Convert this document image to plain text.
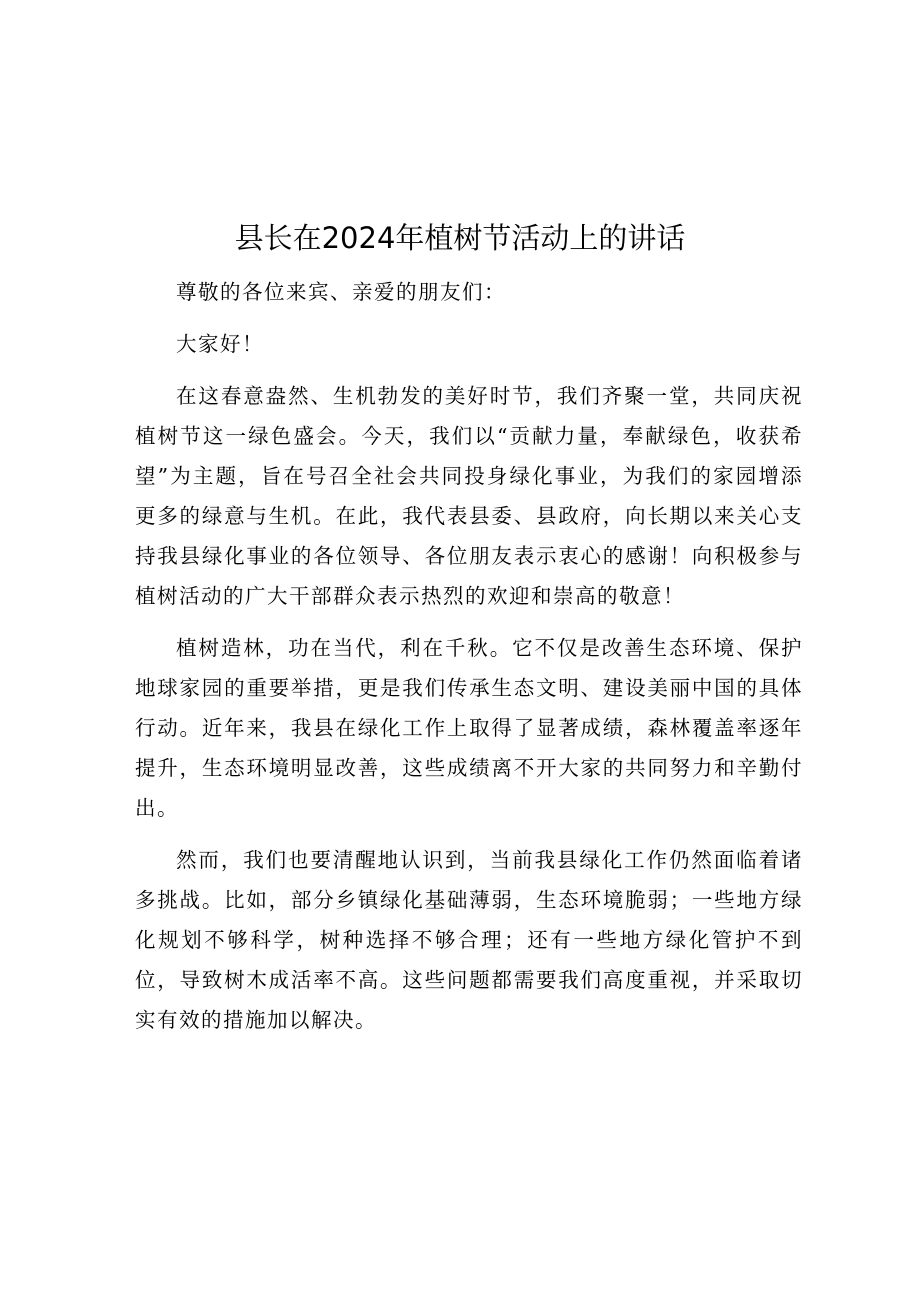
县长在2024年植树节活动上的讲话

尊敬的各位来宾、亲爱的朋友们：

大家好！

在这春意盎然、生机勃发的美好时节，我们齐聚一堂，共同庆祝植树节这一绿色盛会。今天，我们以“贡献力量，奉献绿色，收获希望”为主题，旨在号召全社会共同投身绿化事业，为我们的家园增添更多的绿意与生机。在此，我代表县委、县政府，向长期以来关心支持我县绿化事业的各位领导、各位朋友表示衷心的感谢！向积极参与植树活动的广大干部群众表示热烈的欢迎和崇高的敬意！

植树造林，功在当代，利在千秋。它不仅是改善生态环境、保护地球家园的重要举措，更是我们传承生态文明、建设美丽中国的具体行动。近年来，我县在绿化工作上取得了显著成绩，森林覆盖率逐年提升，生态环境明显改善，这些成绩离不开大家的共同努力和辛勤付出。

然而，我们也要清醒地认识到，当前我县绿化工作仍然面临着诸多挑战。比如，部分乡镇绿化基础薄弱，生态环境脆弱；一些地方绿化规划不够科学，树种选择不够合理；还有一些地方绿化管护不到位，导致树木成活率不高。这些问题都需要我们高度重视，并采取切实有效的措施加以解决。
